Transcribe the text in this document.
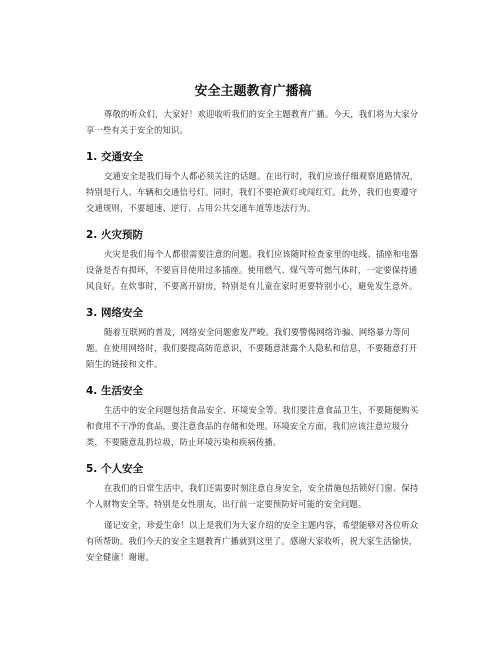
安全主题教育广播稿

尊敬的听众们，大家好！欢迎收听我们的安全主题教育广播。今天，我们将为大家分享一些有关于安全的知识。

1. 交通安全

交通安全是我们每个人都必须关注的话题。在出行时，我们应该仔细观察道路情况，特别是行人、车辆和交通信号灯。同时，我们不要抢黄灯或闯红灯。此外，我们也要遵守交通规则，不要超速、逆行、占用公共交通车道等违法行为。

2. 火灾预防

火灾是我们每个人都很需要注意的问题。我们应该随时检查家里的电线、插座和电器设备是否有损坏，不要盲目使用过多插座。使用燃气、煤气等可燃气体时，一定要保持通风良好。在炊事时，不要离开厨房，特别是有儿童在家时更要特别小心，避免发生意外。

3. 网络安全

随着互联网的普及，网络安全问题愈发严峻。我们要警惕网络诈骗、网络暴力等问题。在使用网络时，我们要提高防范意识，不要随意泄露个人隐私和信息，不要随意打开陌生的链接和文件。

4. 生活安全

生活中的安全问题包括食品安全、环境安全等。我们要注意食品卫生，不要随便购买和食用不干净的食品，要注意食品的存储和处理。环境安全方面，我们应该注意垃圾分类，不要随意乱扔垃圾，防止环境污染和疾病传播。

5. 个人安全

在我们的日常生活中，我们还需要时刻注意自身安全，安全措施包括锁好门窗、保持个人财物安全等。特别是女性朋友，出行前一定要预防好可能的安全问题。

谨记安全，珍爱生命！以上是我们为大家介绍的安全主题内容，希望能够对各位听众有所帮助。我们今天的安全主题教育广播就到这里了。感谢大家收听，祝大家生活愉快，安全健康！谢谢。
